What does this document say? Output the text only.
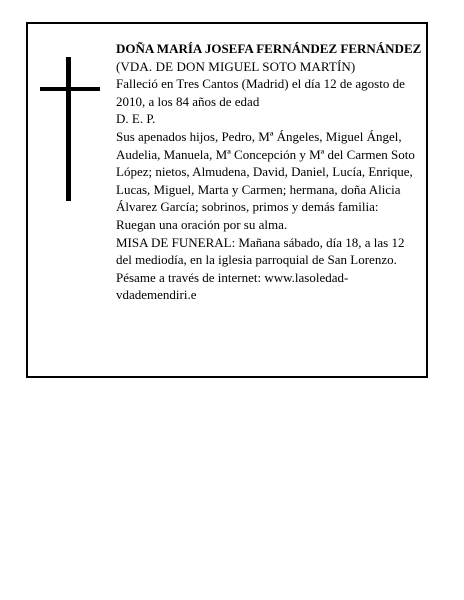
DOÑA MARÍA JOSEFA FERNÁNDEZ FERNÁNDEZ

(VDA. DE DON MIGUEL SOTO MARTÍN)

Falleció en Tres Cantos (Madrid) el día 12 de agosto de 2010, a los 84 años de edad

D. E. P.

Sus apenados hijos, Pedro, Mª Ángeles, Miguel Ángel, Audelia, Manuela, Mª Concepción y Mª del Carmen Soto López; nietos, Almudena, David, Daniel, Lucía, Enrique, Lucas, Miguel, Marta y Carmen; hermana, doña Alicia Álvarez García; sobrinos, primos y demás familia:

Ruegan una oración por su alma.

MISA DE FUNERAL: Mañana sábado, día 18, a las 12 del mediodía, en la iglesia parroquial de San Lorenzo.

Pésame a través de internet: www.lasoledad-vdademendiri.e
